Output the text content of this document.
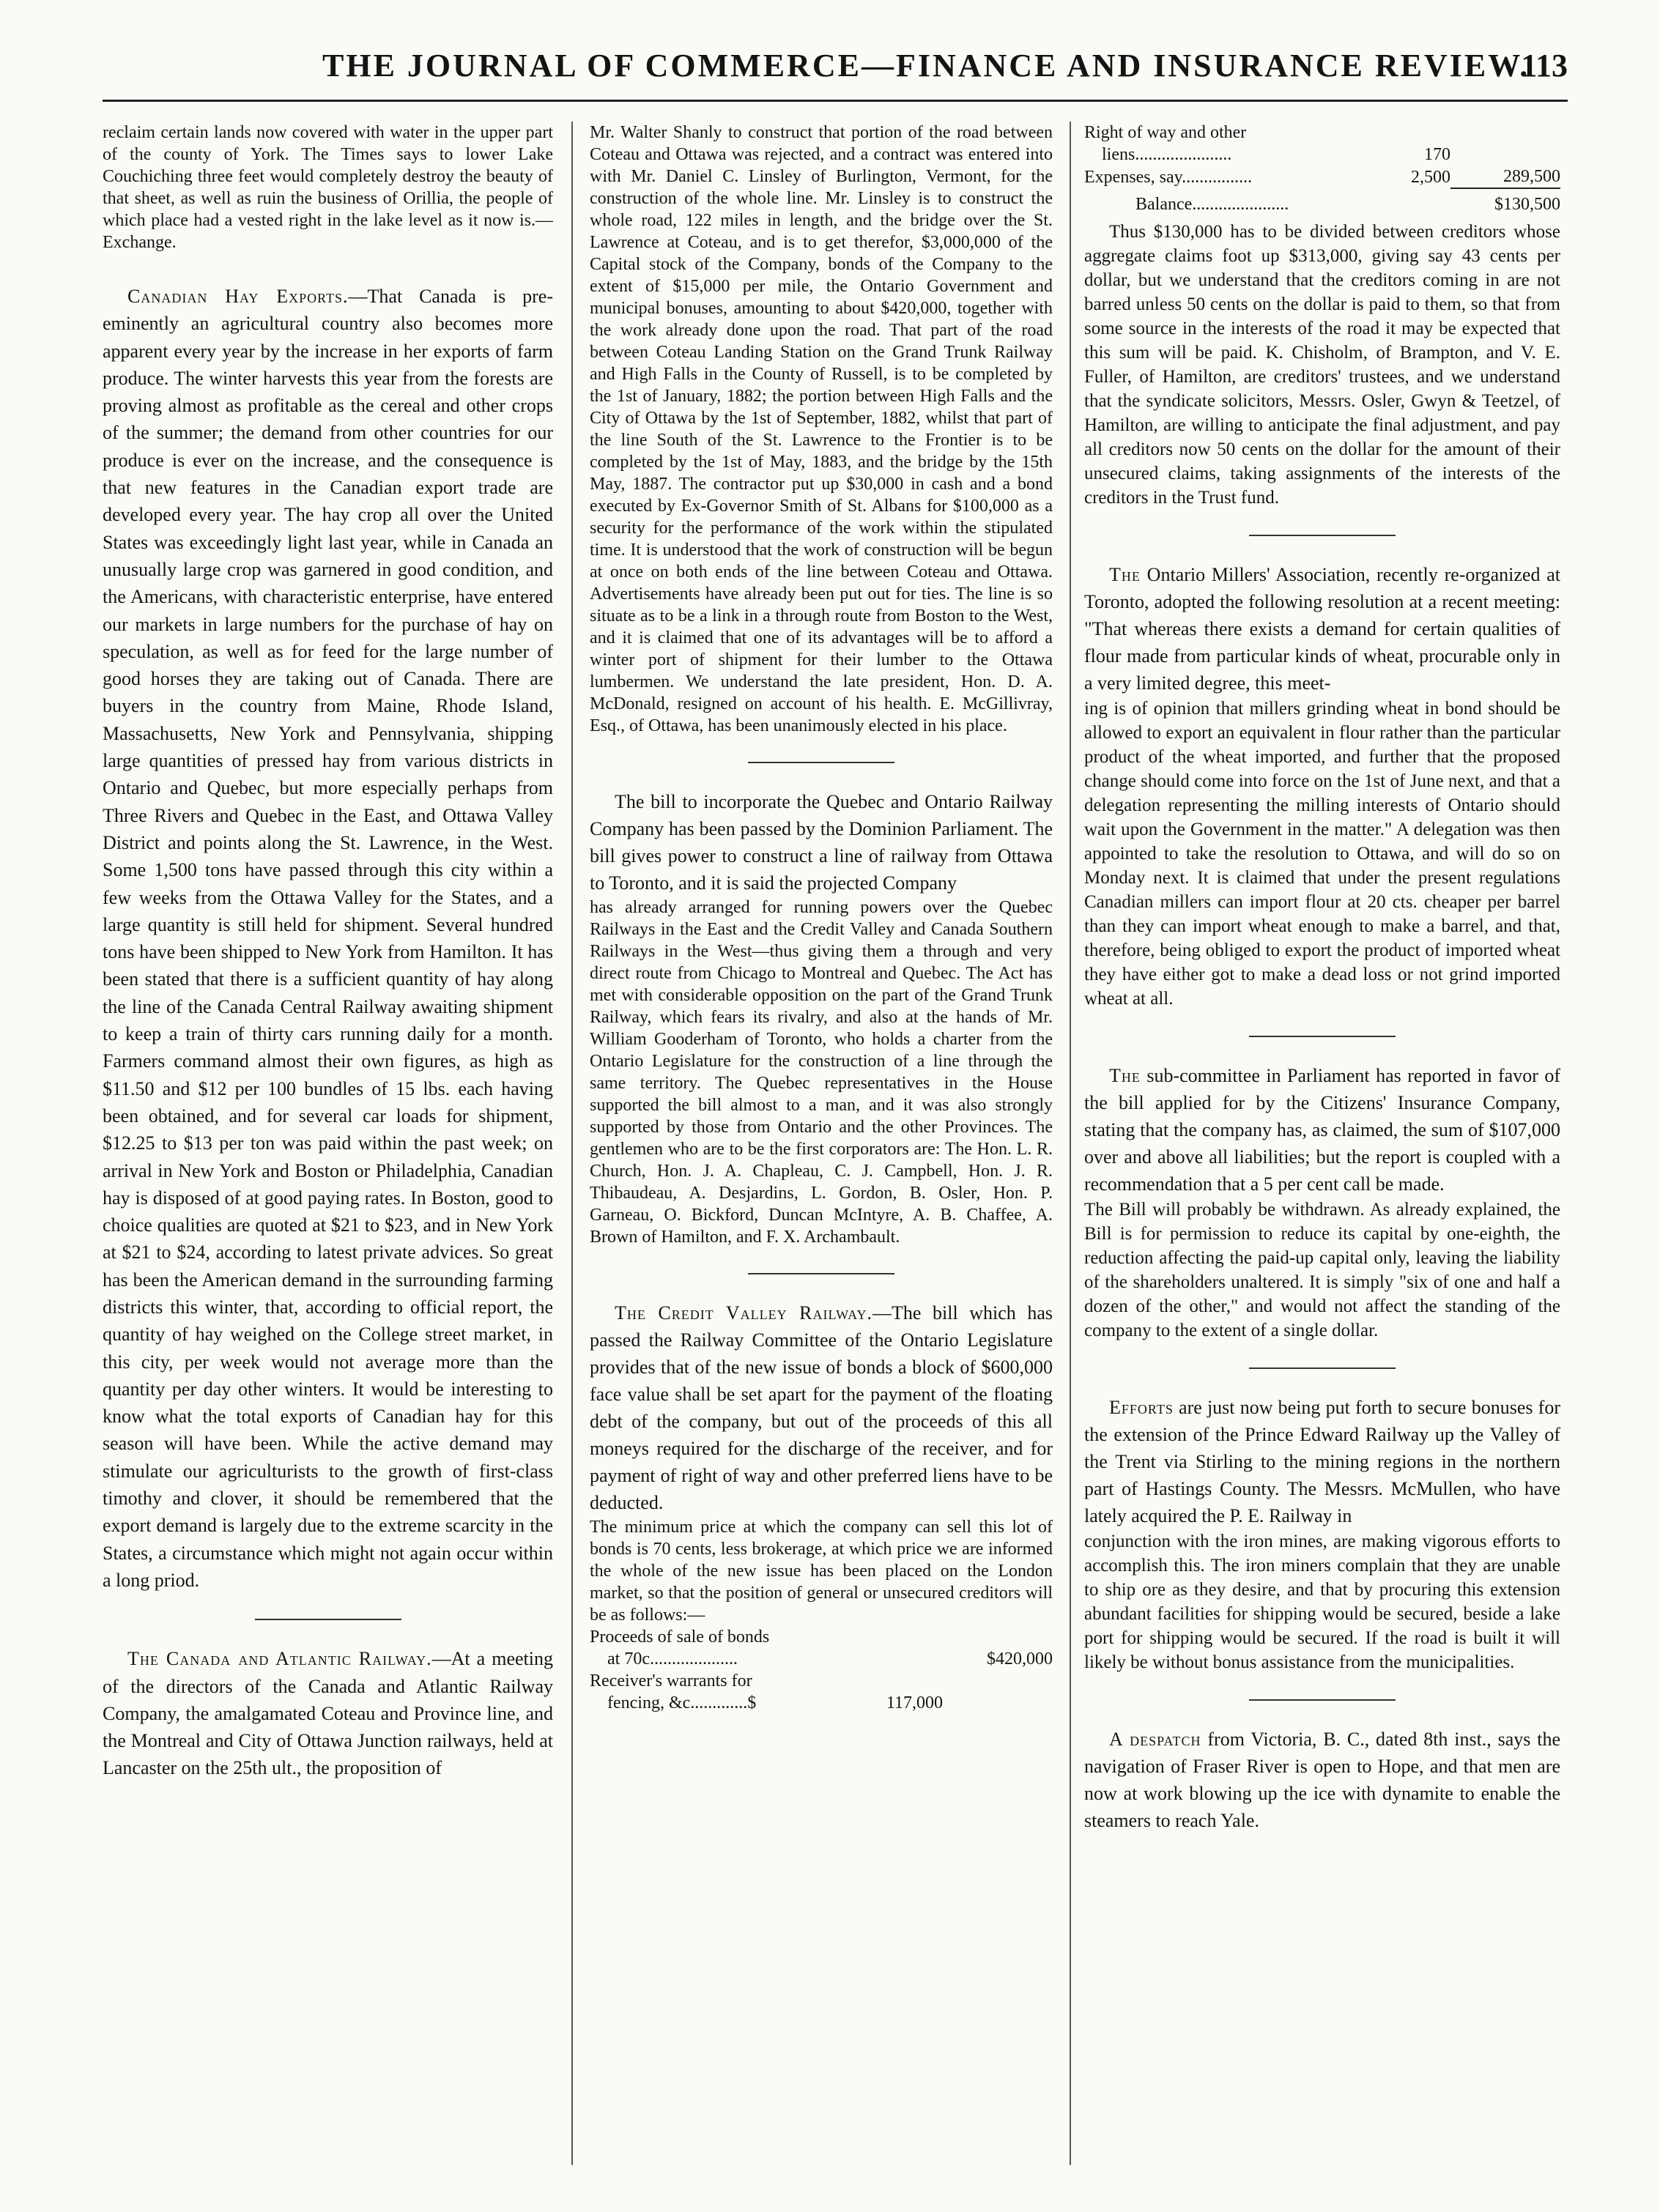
THE JOURNAL OF COMMERCE—FINANCE AND INSURANCE REVIEW.
113

reclaim certain lands now covered with water in the upper part of the county of York. The Times says to lower Lake Couchiching three feet would completely destroy the beauty of that sheet, as well as ruin the business of Orillia, the people of which place had a vested right in the lake level as it now is.—Exchange.

Canadian Hay Exports.—That Canada is pre-eminently an agricultural country also becomes more apparent every year by the increase in her exports of farm produce. The winter harvests this year from the forests are proving almost as profitable as the cereal and other crops of the summer; the demand from other countries for our produce is ever on the increase, and the consequence is that new features in the Canadian export trade are developed every year. The hay crop all over the United States was exceedingly light last year, while in Canada an unusually large crop was garnered in good condition, and the Americans, with characteristic enterprise, have entered our markets in large numbers for the purchase of hay on speculation, as well as for feed for the large number of good horses they are taking out of Canada. There are buyers in the country from Maine, Rhode Island, Massachusetts, New York and Pennsylvania, shipping large quantities of pressed hay from various districts in Ontario and Quebec, but more especially perhaps from Three Rivers and Quebec in the East, and Ottawa Valley District and points along the St. Lawrence, in the West. Some 1,500 tons have passed through this city within a few weeks from the Ottawa Valley for the States, and a large quantity is still held for shipment. Several hundred tons have been shipped to New York from Hamilton. It has been stated that there is a sufficient quantity of hay along the line of the Canada Central Railway awaiting shipment to keep a train of thirty cars running daily for a month. Farmers command almost their own figures, as high as $11.50 and $12 per 100 bundles of 15 lbs. each having been obtained, and for several car loads for shipment, $12.25 to $13 per ton was paid within the past week; on arrival in New York and Boston or Philadelphia, Canadian hay is disposed of at good paying rates. In Boston, good to choice qualities are quoted at $21 to $23, and in New York at $21 to $24, according to latest private advices. So great has been the American demand in the surrounding farming districts this winter, that, according to official report, the quantity of hay weighed on the College street market, in this city, per week would not average more than the quantity per day other winters. It would be interesting to know what the total exports of Canadian hay for this season will have been. While the active demand may stimulate our agriculturists to the growth of first-class timothy and clover, it should be remembered that the export demand is largely due to the extreme scarcity in the States, a circumstance which might not again occur within a long priod.

The Canada and Atlantic Railway.—At a meeting of the directors of the Canada and Atlantic Railway Company, the amalgamated Coteau and Province line, and the Montreal and City of Ottawa Junction railways, held at Lancaster on the 25th ult., the proposition of

Mr. Walter Shanly to construct that portion of the road between Coteau and Ottawa was rejected, and a contract was entered into with Mr. Daniel C. Linsley of Burlington, Vermont, for the construction of the whole line. Mr. Linsley is to construct the whole road, 122 miles in length, and the bridge over the St. Lawrence at Coteau, and is to get therefor, $3,000,000 of the Capital stock of the Company, bonds of the Company to the extent of $15,000 per mile, the Ontario Government and municipal bonuses, amounting to about $420,000, together with the work already done upon the road. That part of the road between Coteau Landing Station on the Grand Trunk Railway and High Falls in the County of Russell, is to be completed by the 1st of January, 1882; the portion between High Falls and the City of Ottawa by the 1st of September, 1882, whilst that part of the line South of the St. Lawrence to the Frontier is to be completed by the 1st of May, 1883, and the bridge by the 15th May, 1887. The contractor put up $30,000 in cash and a bond executed by Ex-Governor Smith of St. Albans for $100,000 as a security for the performance of the work within the stipulated time. It is understood that the work of construction will be begun at once on both ends of the line between Coteau and Ottawa. Advertisements have already been put out for ties. The line is so situate as to be a link in a through route from Boston to the West, and it is claimed that one of its advantages will be to afford a winter port of shipment for their lumber to the Ottawa lumbermen. We understand the late president, Hon. D. A. McDonald, resigned on account of his health. E. McGillivray, Esq., of Ottawa, has been unanimously elected in his place.

The bill to incorporate the Quebec and Ontario Railway Company has been passed by the Dominion Parliament. The bill gives power to construct a line of railway from Ottawa to Toronto, and it is said the projected Company

has already arranged for running powers over the Quebec Railways in the East and the Credit Valley and Canada Southern Railways in the West—thus giving them a through and very direct route from Chicago to Montreal and Quebec. The Act has met with considerable opposition on the part of the Grand Trunk Railway, which fears its rivalry, and also at the hands of Mr. William Gooderham of Toronto, who holds a charter from the Ontario Legislature for the construction of a line through the same territory. The Quebec representatives in the House supported the bill almost to a man, and it was also strongly supported by those from Ontario and the other Provinces. The gentlemen who are to be the first corporators are: The Hon. L. R. Church, Hon. J. A. Chapleau, C. J. Campbell, Hon. J. R. Thibaudeau, A. Desjardins, L. Gordon, B. Osler, Hon. P. Garneau, O. Bickford, Duncan McIntyre, A. B. Chaffee, A. Brown of Hamilton, and F. X. Archambault.

The Credit Valley Railway.—The bill which has passed the Railway Committee of the Ontario Legislature provides that of the new issue of bonds a block of $600,000 face value shall be set apart for the payment of the floating debt of the company, but out of the proceeds of this all moneys required for the discharge of the receiver, and for payment of right of way and other preferred liens have to be deducted.

The minimum price at which the company can sell this lot of bonds is 70 cents, less brokerage, at which price we are informed the whole of the new issue has been placed on the London market, so that the position of general or unsecured creditors will be as follows:—

Proceeds of sale of bonds		
at 70c....................		$420,000
Receiver's warrants for		
fencing, &c.............$	117,000	
Right of way and other		
liens......................	170	
Expenses, say................	2,500	289,500
Balance......................		$130,500

Thus $130,000 has to be divided between creditors whose aggregate claims foot up $313,000, giving say 43 cents per dollar, but we understand that the creditors coming in are not barred unless 50 cents on the dollar is paid to them, so that from some source in the interests of the road it may be expected that this sum will be paid. K. Chisholm, of Brampton, and V. E. Fuller, of Hamilton, are creditors' trustees, and we understand that the syndicate solicitors, Messrs. Osler, Gwyn & Teetzel, of Hamilton, are willing to anticipate the final adjustment, and pay all creditors now 50 cents on the dollar for the amount of their unsecured claims, taking assignments of the interests of the creditors in the Trust fund.

The Ontario Millers' Association, recently re-organized at Toronto, adopted the following resolution at a recent meeting: "That whereas there exists a demand for certain qualities of flour made from particular kinds of wheat, procurable only in a very limited degree, this meet-

ing is of opinion that millers grinding wheat in bond should be allowed to export an equivalent in flour rather than the particular product of the wheat imported, and further that the proposed change should come into force on the 1st of June next, and that a delegation representing the milling interests of Ontario should wait upon the Government in the matter." A delegation was then appointed to take the resolution to Ottawa, and will do so on Monday next. It is claimed that under the present regulations Canadian millers can import flour at 20 cts. cheaper per barrel than they can import wheat enough to make a barrel, and that, therefore, being obliged to export the product of imported wheat they have either got to make a dead loss or not grind imported wheat at all.

The sub-committee in Parliament has reported in favor of the bill applied for by the Citizens' Insurance Company, stating that the company has, as claimed, the sum of $107,000 over and above all liabilities; but the report is coupled with a recommendation that a 5 per cent call be made.

The Bill will probably be withdrawn. As already explained, the Bill is for permission to reduce its capital by one-eighth, the reduction affecting the paid-up capital only, leaving the liability of the shareholders unaltered. It is simply "six of one and half a dozen of the other," and would not affect the standing of the company to the extent of a single dollar.

Efforts are just now being put forth to secure bonuses for the extension of the Prince Edward Railway up the Valley of the Trent via Stirling to the mining regions in the northern part of Hastings County. The Messrs. McMullen, who have lately acquired the P. E. Railway in

conjunction with the iron mines, are making vigorous efforts to accomplish this. The iron miners complain that they are unable to ship ore as they desire, and that by procuring this extension abundant facilities for shipping would be secured, beside a lake port for shipping would be secured. If the road is built it will likely be without bonus assistance from the municipalities.

A despatch from Victoria, B. C., dated 8th inst., says the navigation of Fraser River is open to Hope, and that men are now at work blowing up the ice with dynamite to enable the steamers to reach Yale.
